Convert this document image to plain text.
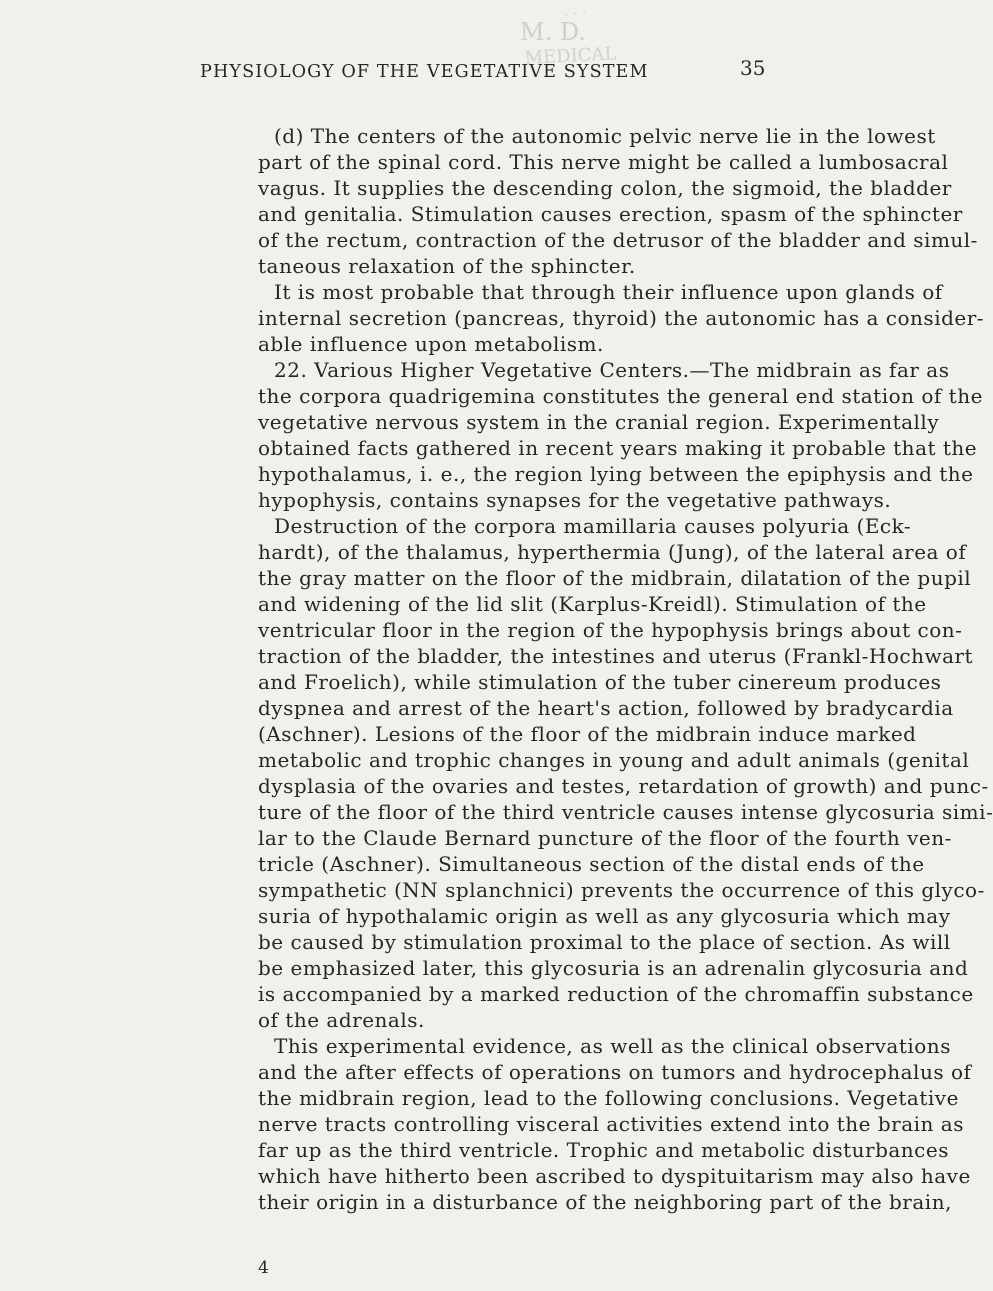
M. D.
· · ·
MEDICAL
PHYSIOLOGY OF THE VEGETATIVE SYSTEM	35
(d) The centers of the autonomic pelvic nerve lie in the lowest
part of the spinal cord. This nerve might be called a lumbosacral
vagus. It supplies the descending colon, the sigmoid, the bladder
and genitalia. Stimulation causes erection, spasm of the sphincter
of the rectum, contraction of the detrusor of the bladder and simul-
taneous relaxation of the sphincter.
It is most probable that through their influence upon glands of
internal secretion (pancreas, thyroid) the autonomic has a consider-
able influence upon metabolism.
22. Various Higher Vegetative Centers.—The midbrain as far as
the corpora quadrigemina constitutes the general end station of the
vegetative nervous system in the cranial region. Experimentally
obtained facts gathered in recent years making it probable that the
hypothalamus, i. e., the region lying between the epiphysis and the
hypophysis, contains synapses for the vegetative pathways.
Destruction of the corpora mamillaria causes polyuria (Eck-
hardt), of the thalamus, hyperthermia (Jung), of the lateral area of
the gray matter on the floor of the midbrain, dilatation of the pupil
and widening of the lid slit (Karplus-Kreidl). Stimulation of the
ventricular floor in the region of the hypophysis brings about con-
traction of the bladder, the intestines and uterus (Frankl-Hochwart
and Froelich), while stimulation of the tuber cinereum produces
dyspnea and arrest of the heart's action, followed by bradycardia
(Aschner). Lesions of the floor of the midbrain induce marked
metabolic and trophic changes in young and adult animals (genital
dysplasia of the ovaries and testes, retardation of growth) and punc-
ture of the floor of the third ventricle causes intense glycosuria simi-
lar to the Claude Bernard puncture of the floor of the fourth ven-
tricle (Aschner). Simultaneous section of the distal ends of the
sympathetic (NN splanchnici) prevents the occurrence of this glyco-
suria of hypothalamic origin as well as any glycosuria which may
be caused by stimulation proximal to the place of section. As will
be emphasized later, this glycosuria is an adrenalin glycosuria and
is accompanied by a marked reduction of the chromaffin substance
of the adrenals.
This experimental evidence, as well as the clinical observations
and the after effects of operations on tumors and hydrocephalus of
the midbrain region, lead to the following conclusions. Vegetative
nerve tracts controlling visceral activities extend into the brain as
far up as the third ventricle. Trophic and metabolic disturbances
which have hitherto been ascribed to dyspituitarism may also have
their origin in a disturbance of the neighboring part of the brain,
4
